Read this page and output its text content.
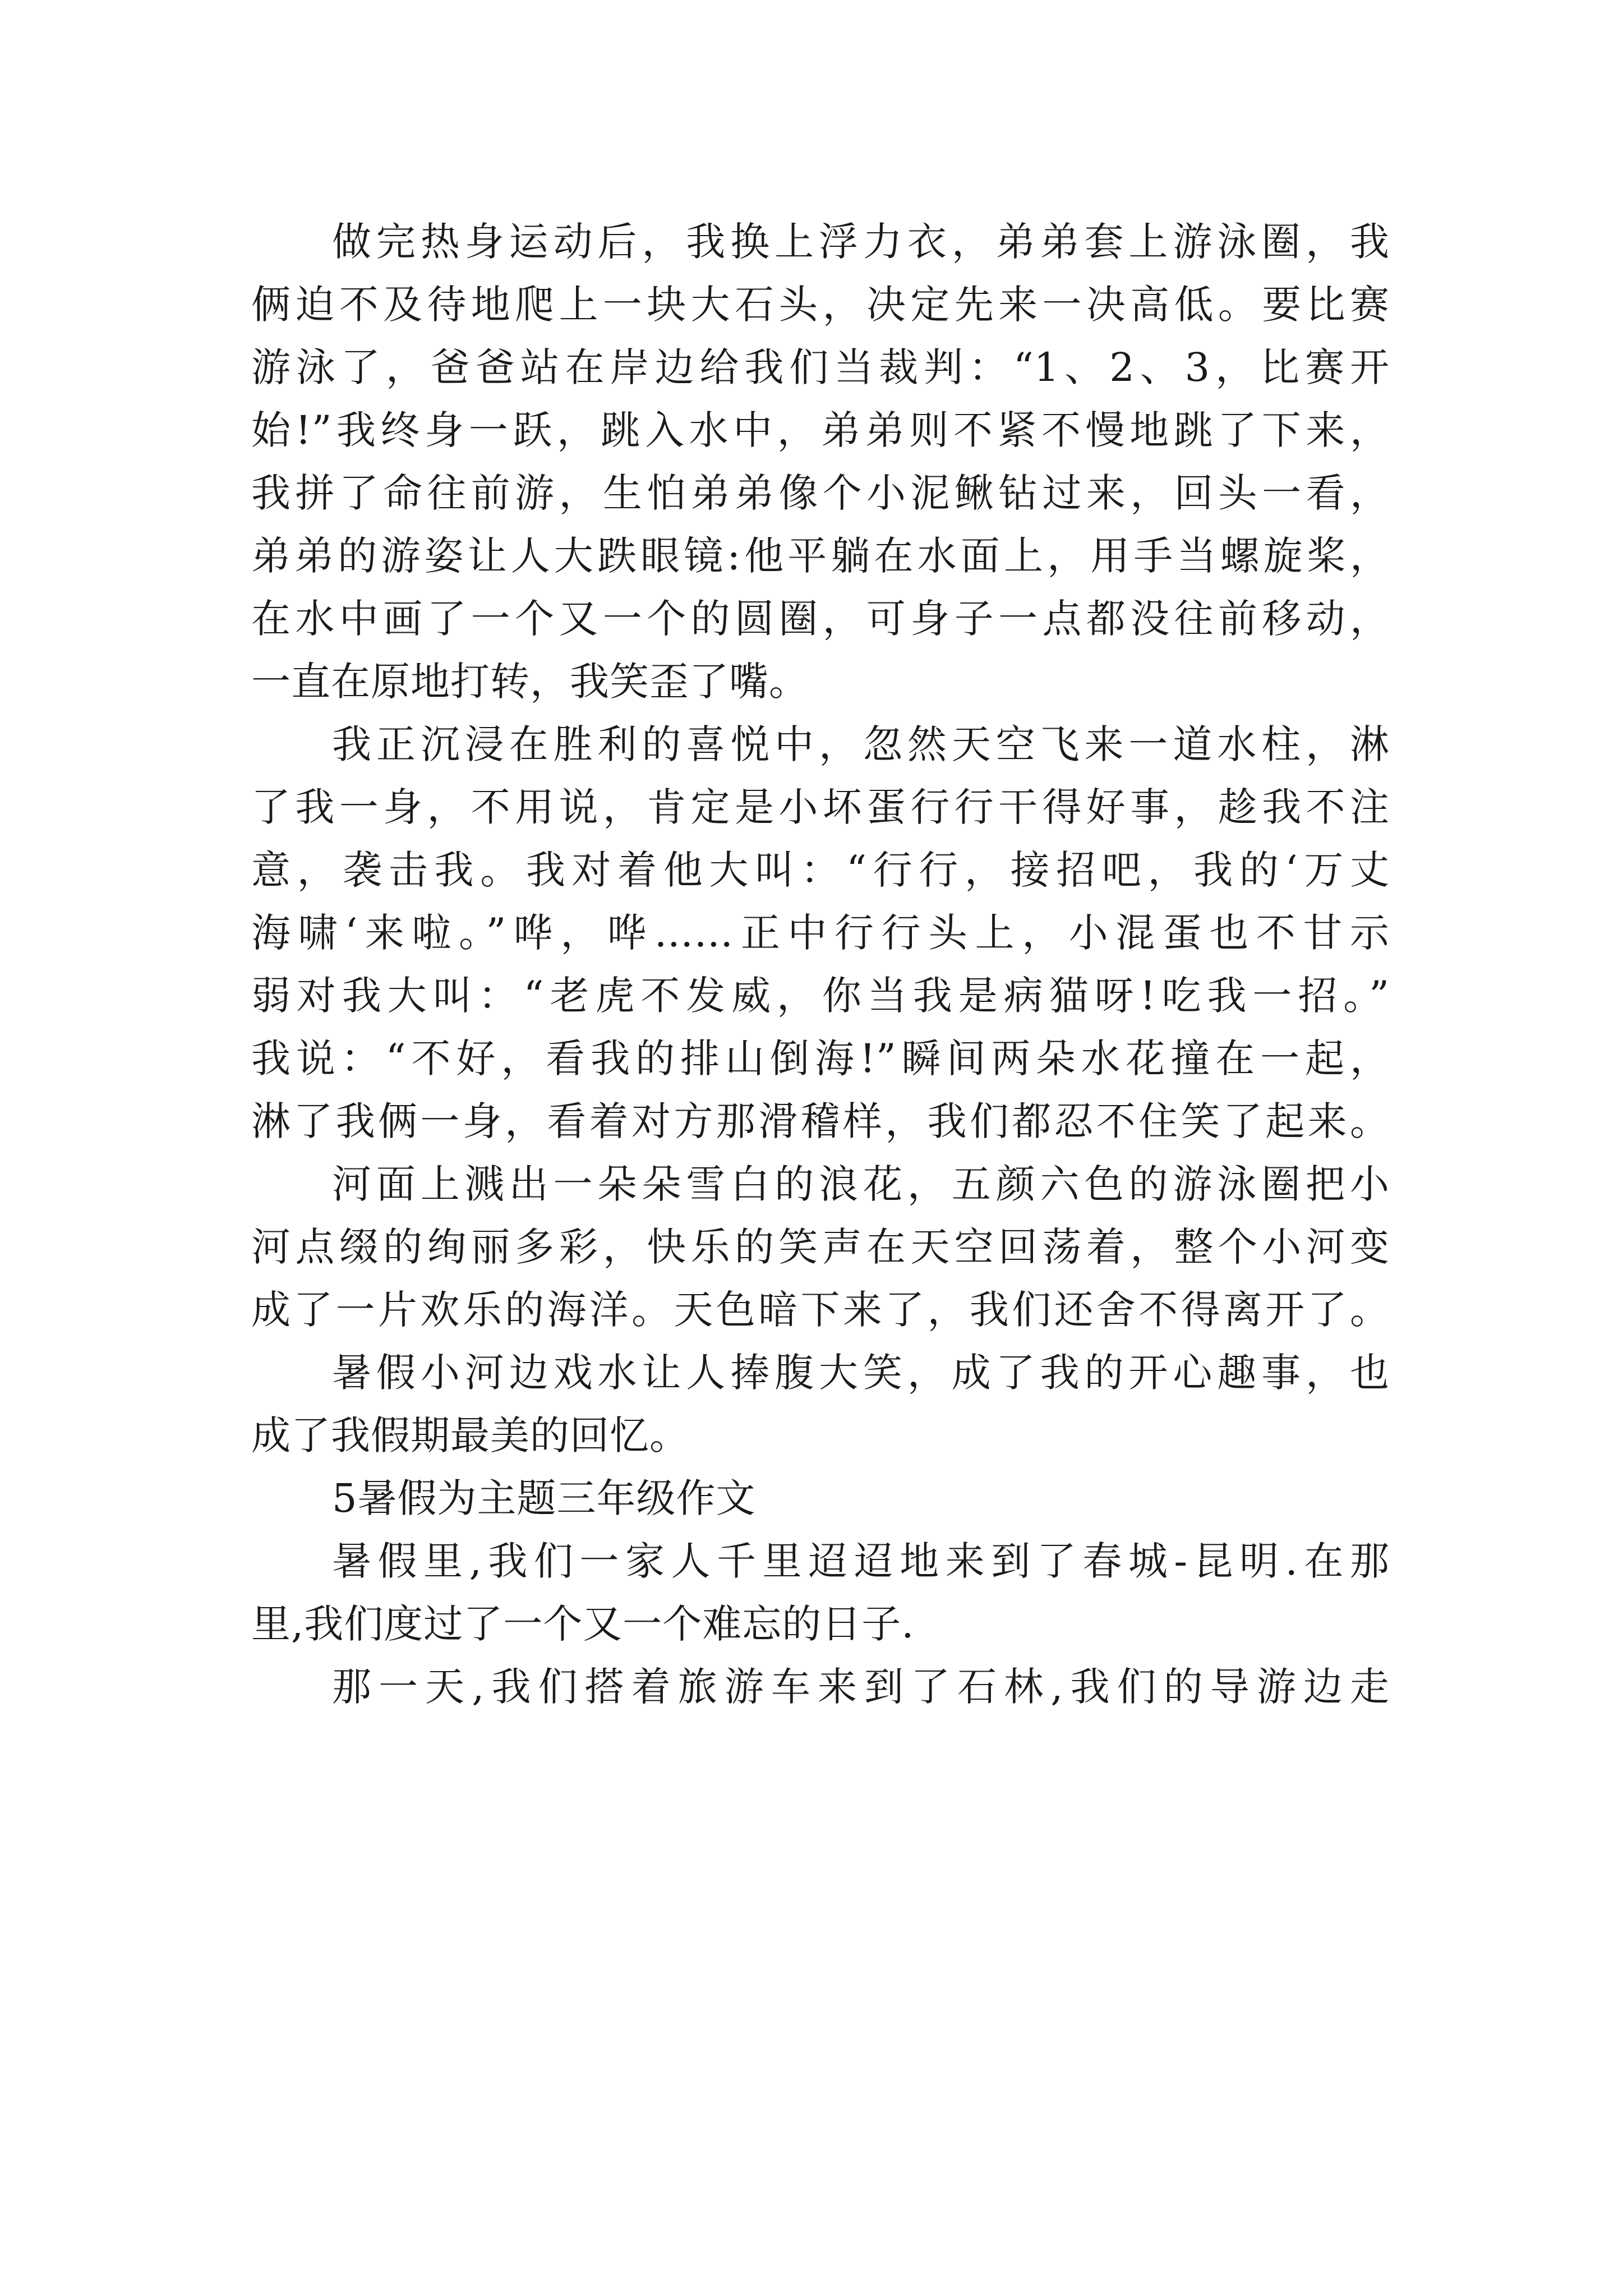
做完热身运动后，我换上浮力衣，弟弟套上游泳圈，我
俩迫不及待地爬上一块大石头，决定先来一决高低。要比赛
游泳了，爸爸站在岸边给我们当裁判：“1、2、3，比赛开
始!”我终身一跃，跳入水中，弟弟则不紧不慢地跳了下来，
我拼了命往前游，生怕弟弟像个小泥鳅钻过来，回头一看，
弟弟的游姿让人大跌眼镜:他平躺在水面上，用手当螺旋桨，
在水中画了一个又一个的圆圈，可身子一点都没往前移动，
一直在原地打转，我笑歪了嘴。
我正沉浸在胜利的喜悦中，忽然天空飞来一道水柱，淋
了我一身，不用说，肯定是小坏蛋行行干得好事，趁我不注
意，袭击我。我对着他大叫：“行行，接招吧，我的‘万丈
海啸‘来啦。”哗，哗……正中行行头上，小混蛋也不甘示
弱对我大叫：“老虎不发威，你当我是病猫呀!吃我一招。”
我说：“不好，看我的排山倒海!”瞬间两朵水花撞在一起，
淋了我俩一身，看着对方那滑稽样，我们都忍不住笑了起来。
河面上溅出一朵朵雪白的浪花，五颜六色的游泳圈把小
河点缀的绚丽多彩，快乐的笑声在天空回荡着，整个小河变
成了一片欢乐的海洋。天色暗下来了，我们还舍不得离开了。
暑假小河边戏水让人捧腹大笑，成了我的开心趣事，也
成了我假期最美的回忆。
5暑假为主题三年级作文
暑假里,我们一家人千里迢迢地来到了春城-昆明.在那
里,我们度过了一个又一个难忘的日子.
那一天,我们搭着旅游车来到了石林,我们的导游边走
